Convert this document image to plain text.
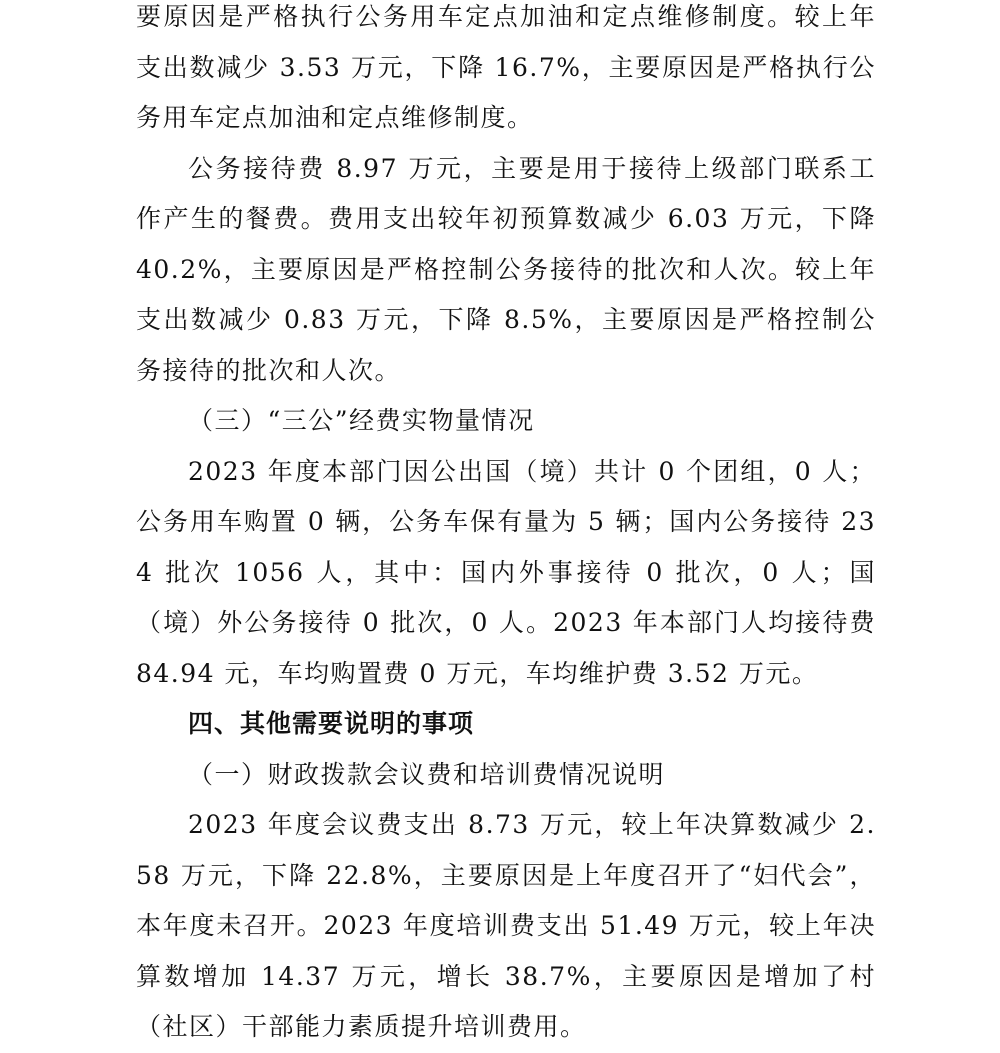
要原因是严格执行公务用车定点加油和定点维修制度。较上年支出数减少 3.53 万元，下降 16.7%，主要原因是严格执行公务用车定点加油和定点维修制度。

公务接待费 8.97 万元，主要是用于接待上级部门联系工作产生的餐费。费用支出较年初预算数减少 6.03 万元，下降 40.2%，主要原因是严格控制公务接待的批次和人次。较上年支出数减少 0.83 万元，下降 8.5%，主要原因是严格控制公务接待的批次和人次。

（三）“三公”经费实物量情况

2023 年度本部门因公出国（境）共计 0 个团组，0 人；公务用车购置 0 辆，公务车保有量为 5 辆；国内公务接待 234 批次 1056 人，其中：国内外事接待 0 批次，0 人；国（境）外公务接待 0 批次，0 人。2023 年本部门人均接待费 84.94 元，车均购置费 0 万元，车均维护费 3.52 万元。

四、其他需要说明的事项

（一）财政拨款会议费和培训费情况说明

2023 年度会议费支出 8.73 万元，较上年决算数减少 2.58 万元，下降 22.8%，主要原因是上年度召开了“妇代会”，本年度未召开。2023 年度培训费支出 51.49 万元，较上年决算数增加 14.37 万元，增长 38.7%，主要原因是增加了村（社区）干部能力素质提升培训费用。
